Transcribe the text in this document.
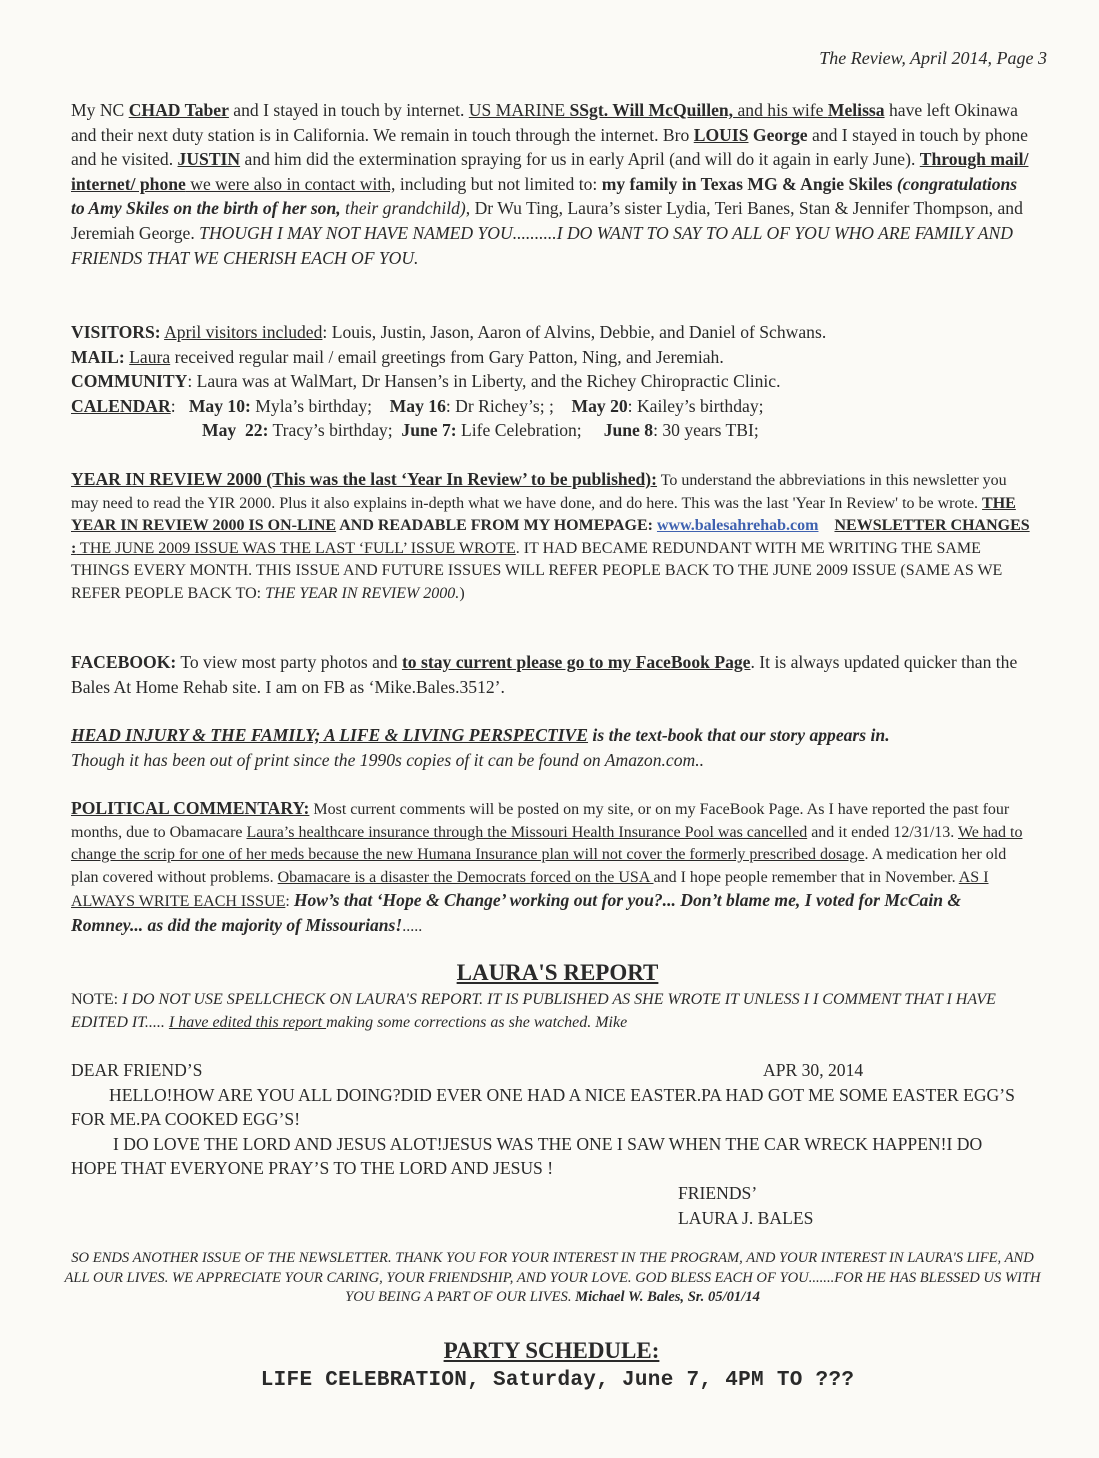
The Review, April 2014, Page 3
My NC CHAD Taber and I stayed in touch by internet. US MARINE SSgt. Will McQuillen, and his wife Melissa have left Okinawa and their next duty station is in California. We remain in touch through the internet. Bro LOUIS George and I stayed in touch by phone and he visited. JUSTIN and him did the extermination spraying for us in early April (and will do it again in early June). Through mail/ internet/ phone we were also in contact with, including but not limited to: my family in Texas MG & Angie Skiles (congratulations to Amy Skiles on the birth of her son, their grandchild), Dr Wu Ting, Laura’s sister Lydia, Teri Banes, Stan & Jennifer Thompson, and Jeremiah George. THOUGH I MAY NOT HAVE NAMED YOU..........I DO WANT TO SAY TO ALL OF YOU WHO ARE FAMILY AND FRIENDS THAT WE CHERISH EACH OF YOU.
VISITORS: April visitors included: Louis, Justin, Jason, Aaron of Alvins, Debbie, and Daniel of Schwans.
MAIL: Laura received regular mail / email greetings from Gary Patton, Ning, and Jeremiah.
COMMUNITY: Laura was at WalMart, Dr Hansen’s in Liberty, and the Richey Chiropractic Clinic.
CALENDAR:   May 10: Myla’s birthday;    May 16: Dr Richey’s; ;    May 20: Kailey’s birthday;
May  22: Tracy’s birthday;  June 7: Life Celebration;     June 8: 30 years TBI;
YEAR IN REVIEW 2000 (This was the last ‘Year In Review’ to be published): To understand the abbreviations in this newsletter you may need to read the YIR 2000. Plus it also explains in-depth what we have done, and do here. This was the last 'Year In Review' to be wrote. THE YEAR IN REVIEW 2000 IS ON-LINE AND READABLE FROM MY HOMEPAGE: www.balesahrehab.com NEWSLETTER CHANGES : THE JUNE 2009 ISSUE WAS THE LAST ‘FULL’ ISSUE WROTE. IT HAD BECAME REDUNDANT WITH ME WRITING THE SAME THINGS EVERY MONTH. THIS ISSUE AND FUTURE ISSUES WILL REFER PEOPLE BACK TO THE JUNE 2009 ISSUE (SAME AS WE REFER PEOPLE BACK TO: THE YEAR IN REVIEW 2000.)
FACEBOOK: To view most party photos and to stay current please go to my FaceBook Page. It is always updated quicker than the Bales At Home Rehab site. I am on FB as ‘Mike.Bales.3512’.
HEAD INJURY & THE FAMILY; A LIFE & LIVING PERSPECTIVE is the text-book that our story appears in.
Though it has been out of print since the 1990s copies of it can be found on Amazon.com..
POLITICAL COMMENTARY: Most current comments will be posted on my site, or on my FaceBook Page. As I have reported the past four months, due to Obamacare Laura’s healthcare insurance through the Missouri Health Insurance Pool was cancelled and it ended 12/31/13. We had to change the scrip for one of her meds because the new Humana Insurance plan will not cover the formerly prescribed dosage. A medication her old plan covered without problems. Obamacare is a disaster the Democrats forced on the USA and I hope people remember that in November. AS I ALWAYS WRITE EACH ISSUE: How’s that ‘Hope & Change’ working out for you?... Don’t blame me, I voted for McCain & Romney... as did the majority of Missourians!.....
LAURA'S REPORT
NOTE: I DO NOT USE SPELLCHECK ON LAURA'S REPORT. IT IS PUBLISHED AS SHE WROTE IT UNLESS I I COMMENT THAT I HAVE EDITED IT..... I have edited this report making some corrections as she watched. Mike
DEAR FRIEND’S	APR 30, 2014
HELLO!HOW ARE YOU ALL DOING?DID EVER ONE HAD A NICE EASTER.PA HAD GOT ME SOME EASTER EGG’S FOR ME.PA COOKED EGG’S!
I DO LOVE THE LORD AND JESUS ALOT!JESUS WAS THE ONE I SAW WHEN THE CAR WRECK HAPPEN!I DO HOPE THAT EVERYONE PRAY’S TO THE LORD AND JESUS !
FRIENDS’
LAURA J. BALES
SO ENDS ANOTHER ISSUE OF THE NEWSLETTER. THANK YOU FOR YOUR INTEREST IN THE PROGRAM, AND YOUR INTEREST IN LAURA'S LIFE, AND ALL OUR LIVES. WE APPRECIATE YOUR CARING, YOUR FRIENDSHIP, AND YOUR LOVE. GOD BLESS EACH OF YOU.......FOR HE HAS BLESSED US WITH YOU BEING A PART OF OUR LIVES. Michael W. Bales, Sr. 05/01/14
PARTY SCHEDULE:
LIFE CELEBRATION, Saturday, June 7, 4PM TO ???
